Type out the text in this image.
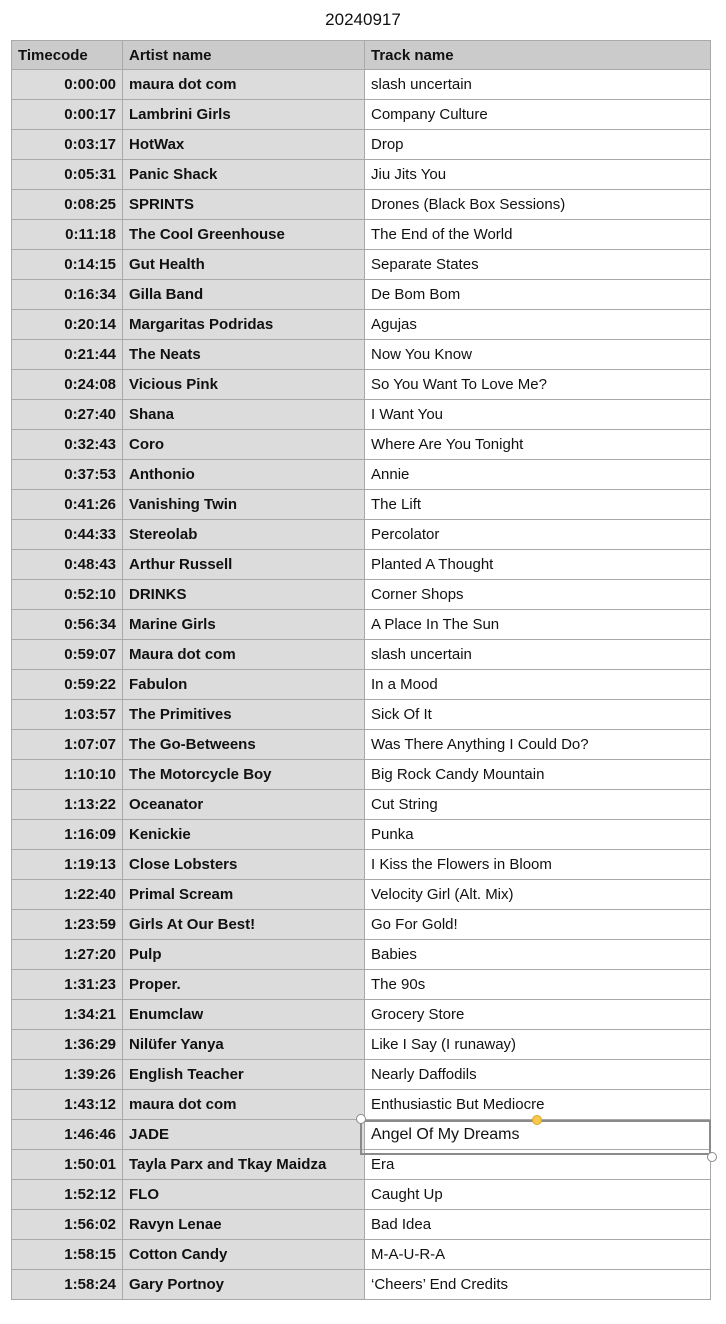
20240917
Timecode	Artist name	Track name
0:00:00	maura dot com	slash uncertain
0:00:17	Lambrini Girls	Company Culture
0:03:17	HotWax	Drop
0:05:31	Panic Shack	Jiu Jits You
0:08:25	SPRINTS	Drones (Black Box Sessions)
0:11:18	The Cool Greenhouse	The End of the World
0:14:15	Gut Health	Separate States
0:16:34	Gilla Band	De Bom Bom
0:20:14	Margaritas Podridas	Agujas
0:21:44	The Neats	Now You Know
0:24:08	Vicious Pink	So You Want To Love Me?
0:27:40	Shana	I Want You
0:32:43	Coro	Where Are You Tonight
0:37:53	Anthonio	Annie
0:41:26	Vanishing Twin	The Lift
0:44:33	Stereolab	Percolator
0:48:43	Arthur Russell	Planted A Thought
0:52:10	DRINKS	Corner Shops
0:56:34	Marine Girls	A Place In The Sun
0:59:07	Maura dot com	slash uncertain
0:59:22	Fabulon	In a Mood
1:03:57	The Primitives	Sick Of It
1:07:07	The Go-Betweens	Was There Anything I Could Do?
1:10:10	The Motorcycle Boy	Big Rock Candy Mountain
1:13:22	Oceanator	Cut String
1:16:09	Kenickie	Punka
1:19:13	Close Lobsters	I Kiss the Flowers in Bloom
1:22:40	Primal Scream	Velocity Girl (Alt. Mix)
1:23:59	Girls At Our Best!	Go For Gold!
1:27:20	Pulp	Babies
1:31:23	Proper.	The 90s
1:34:21	Enumclaw	Grocery Store
1:36:29	Nilüfer Yanya	Like I Say (I runaway)
1:39:26	English Teacher	Nearly Daffodils
1:43:12	maura dot com	Enthusiastic But Mediocre
1:46:46	JADE	Angel Of My Dreams
1:50:01	Tayla Parx and Tkay Maidza	Era
1:52:12	FLO	Caught Up
1:56:02	Ravyn Lenae	Bad Idea
1:58:15	Cotton Candy	M-A-U-R-A
1:58:24	Gary Portnoy	‘Cheers’ End Credits
